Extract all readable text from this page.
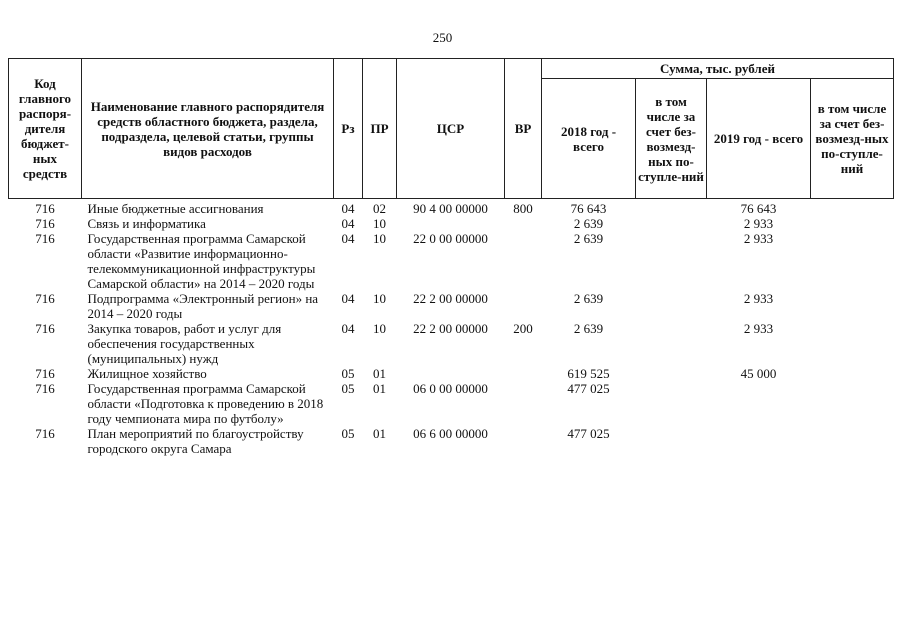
250
Код главного распоря-дителя бюджет-ных средств	Наименование главного распорядителя средств областного бюджета, раздела, подраздела, целевой статьи, группы видов расходов	Рз	ПР	ЦСР	ВР	Сумма, тыс. рублей			
						2018 год - всего	в том числе за счет без-возмезд-ных по-ступле-ний	2019 год - всего	в том числе за счет без-возмезд-ных по-ступле-ний

716	Иные бюджетные ассигнования	04	02	90 4 00 00000	800	76 643		76 643	
716	Связь и информатика	04	10			2 639		2 933	
716	Государственная программа Самарской области «Развитие информационно-телекоммуникационной инфраструктуры Самарской области» на 2014 – 2020 годы	04	10	22 0 00 00000		2 639		2 933	
716	Подпрограмма «Электронный регион» на 2014 – 2020 годы	04	10	22 2 00 00000		2 639		2 933	
716	Закупка товаров, работ и услуг для обеспечения государственных (муниципальных) нужд	04	10	22 2 00 00000	200	2 639		2 933	
716	Жилищное хозяйство	05	01			619 525		45 000	
716	Государственная программа Самарской области «Подготовка к проведению в 2018 году чемпионата мира по футболу»	05	01	06 0 00 00000		477 025			
716	План мероприятий по благоустройству городского округа Самара	05	01	06 6 00 00000		477 025			
